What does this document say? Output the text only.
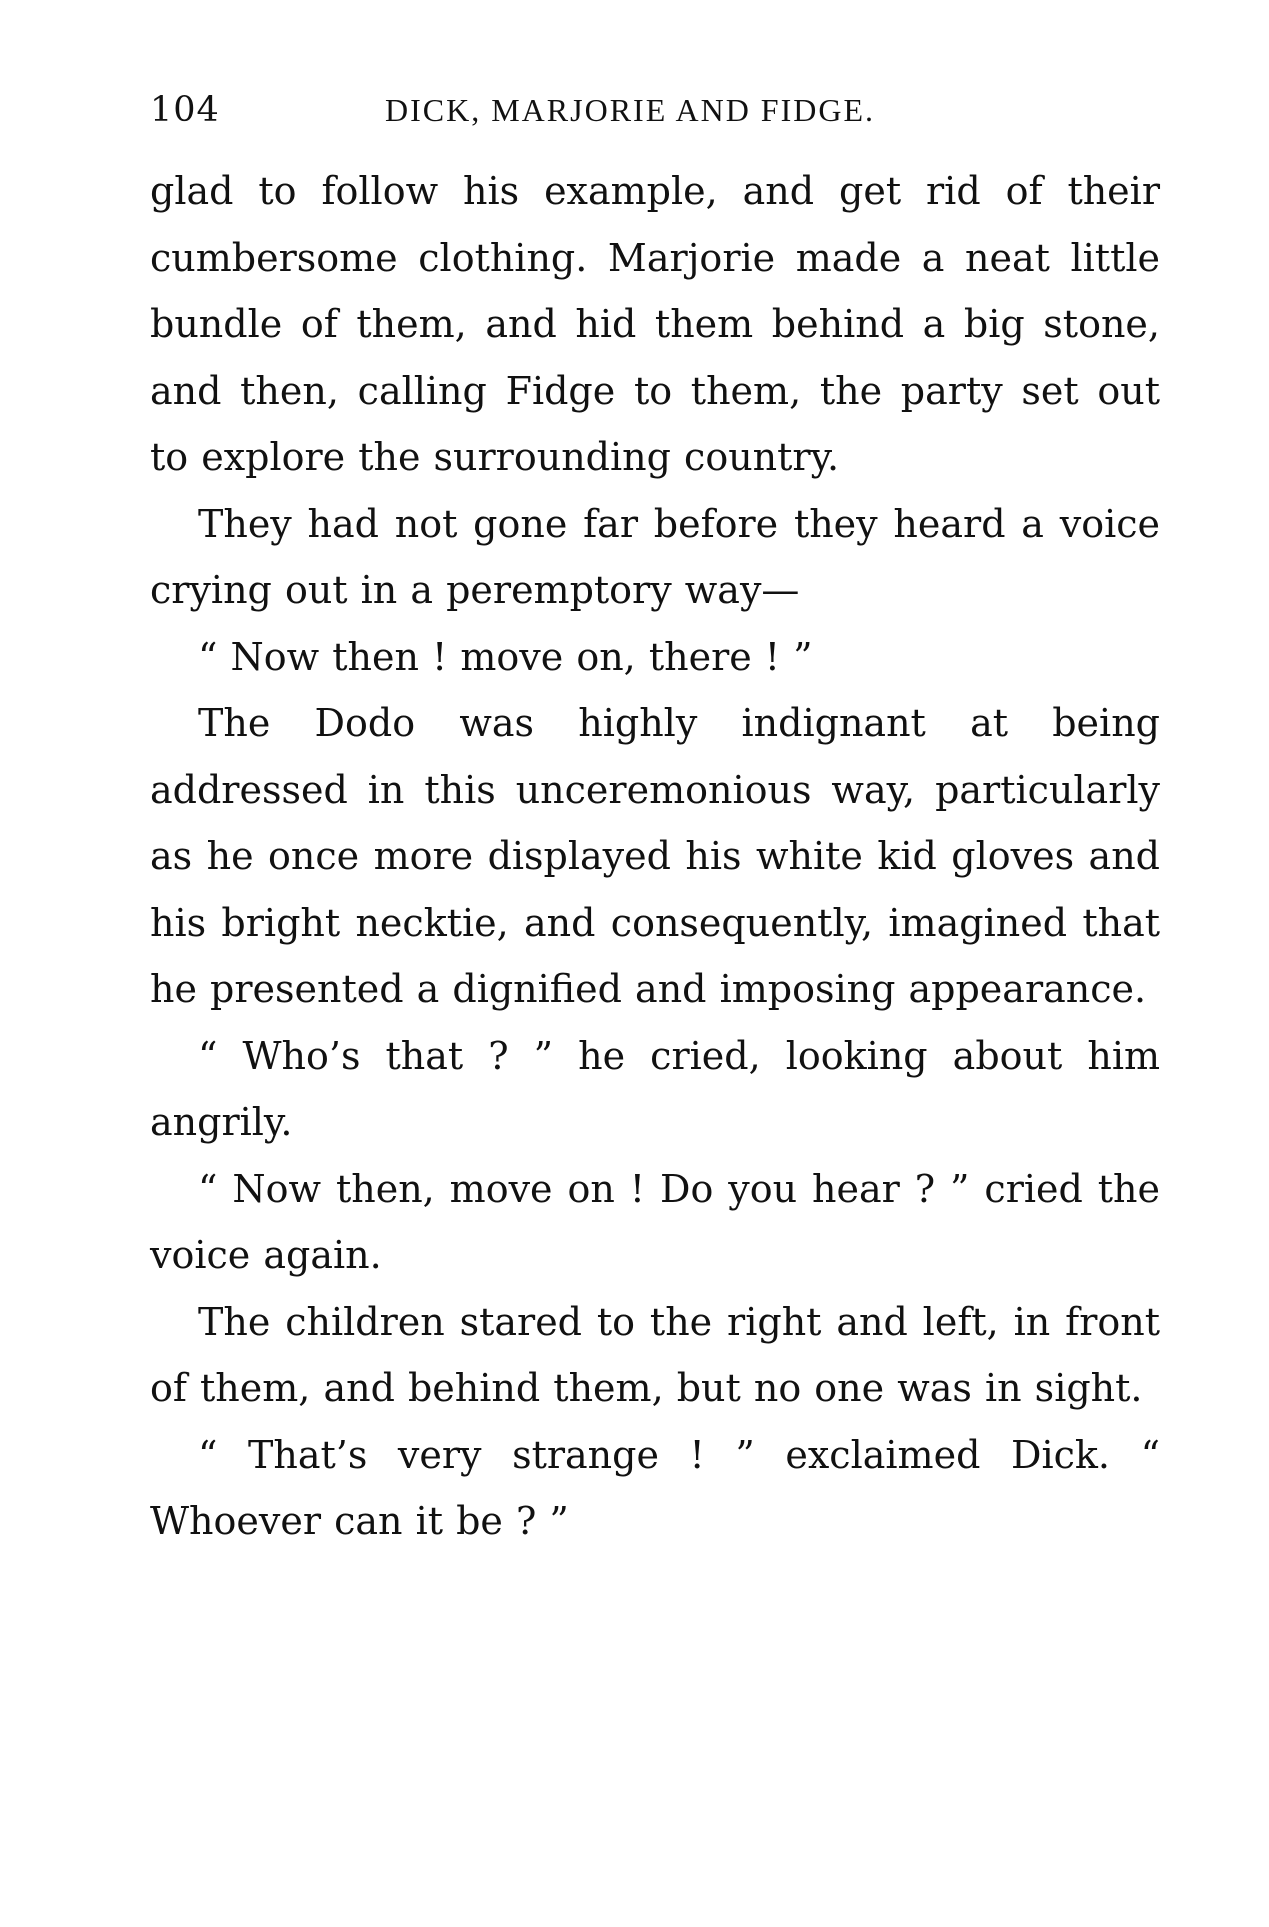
104	DICK, MARJORIE AND FIDGE.

glad to follow his example, and get rid of their cumbersome clothing. Marjorie made a neat little bundle of them, and hid them behind a big stone, and then, calling Fidge to them, the party set out to explore the surrounding country.

They had not gone far before they heard a voice crying out in a peremptory way—

“ Now then ! move on, there ! ”

The Dodo was highly indignant at being addressed in this unceremonious way, particularly as he once more displayed his white kid gloves and his bright necktie, and consequently, imagined that he presented a dignified and imposing appearance.

“ Who’s that ? ” he cried, looking about him angrily.

“ Now then, move on ! Do you hear ? ” cried the voice again.

The children stared to the right and left, in front of them, and behind them, but no one was in sight.

“ That’s very strange ! ” exclaimed Dick. “ Whoever can it be ? ”
